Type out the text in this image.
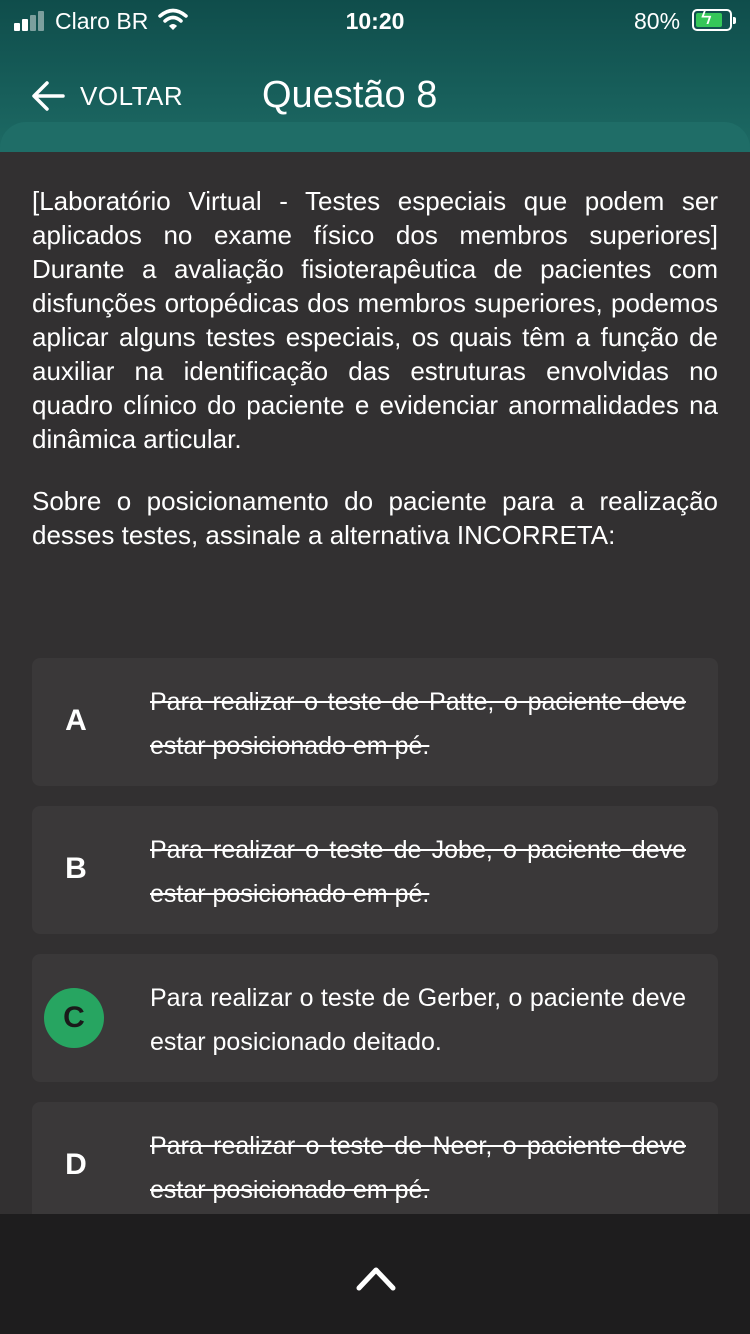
Claro BR	10:20	80% ϟ
VOLTAR Questão 8

[Laboratório Virtual - Testes especiais que podem ser aplicados no exame físico dos membros superiores] Durante a avaliação fisioterapêutica de pacientes com disfunções ortopédicas dos membros superiores, podemos aplicar alguns testes especiais, os quais têm a função de auxiliar na identificação das estruturas envolvidas no quadro clínico do paciente e evidenciar anormalidades na dinâmica articular.

Sobre o posicionamento do paciente para a realização desses testes, assinale a alternativa INCORRETA:

A
Para realizar o teste de Patte, o paciente deve estar posicionado em pé.
B
Para realizar o teste de Jobe, o paciente deve estar posicionado em pé.
C
Para realizar o teste de Gerber, o paciente deve estar posicionado deitado.
D
Para realizar o teste de Neer, o paciente deve estar posicionado em pé.
